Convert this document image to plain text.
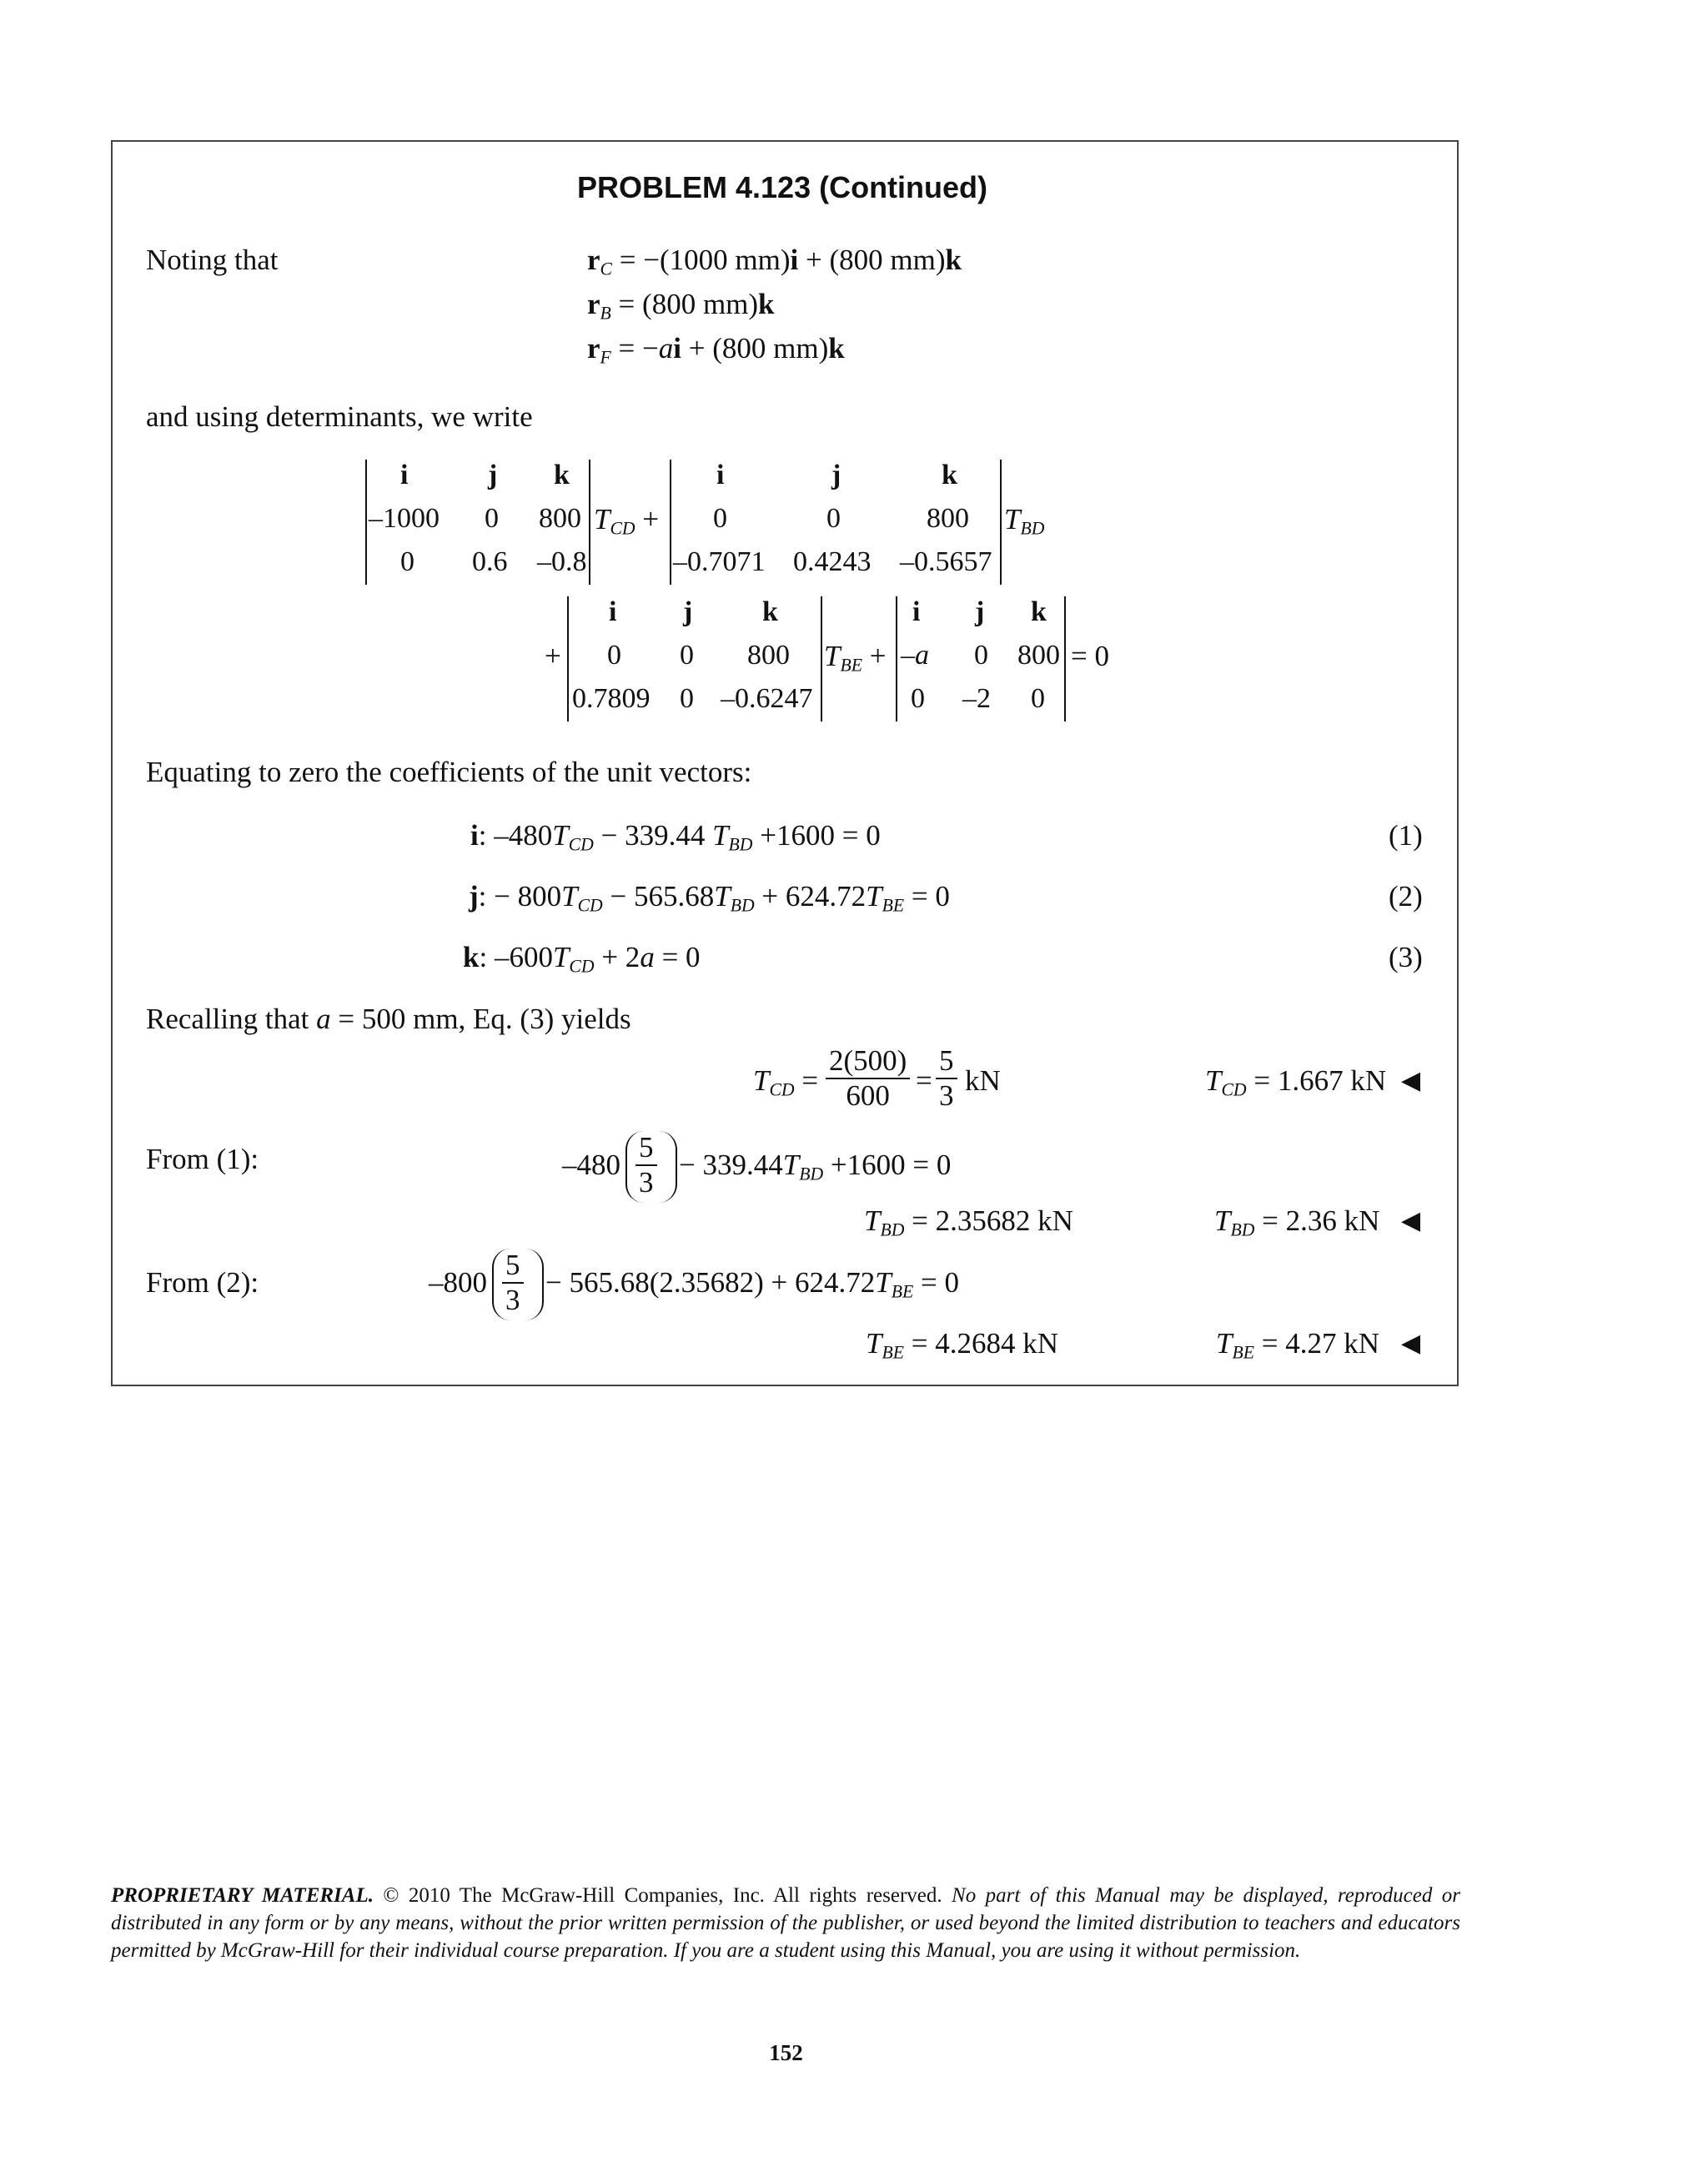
PROBLEM 4.123 (Continued)
Noting that	$r_C = -(1000$ mm)i + (800 mm)k
$r_B = (800$ mm)k
$r_F = -ai + (800$ mm)k
and using determinants, we write
i	j k
–1000 0 800
0 0.6 –0.8
$T_{CD}$ +
i	j	k
0	0	800
–0.7071 0.4243 –0.5657
$T_{BD}$
+
i j k
0 0 800
0.7809 0 –0.6247
$T_{BE}$ +
i j k
–a 0 800
0 –2 0
= 0
Equating to zero the coefficients of the unit vectors:
i: $-480T_{CD} - 339.44$ $T_{BD} +1600 = 0$	(1)
j: − $800T_{CD} - 565.68T_{BD} + 624.72T_{BE} = 0$	(2)
k: $-600T_{CD} + 2a = 0$	(3)
Recalling that a = 500 mm, Eq. (3) yields
$T_{CD} = \frac{2(500)}{600} = \frac{5}{3}$ kN	$T_{CD} = 1.667$ kN ◀
From (1):	$-480 \frac{5}{3} - 339.44T_{BD} +1600 = 0$
$T_{BD} = 2.35682$ kN	$T_{BD} = 2.36$ kN ◀
From (2):	$-800 \frac{5}{3} - 565.68(2.35682) + 624.72T_{BE} = 0$
$T_{BE} = 4.2684$ kN	$T_{BE} = 4.27$ kN ◀
PROPRIETARY MATERIAL. © 2010 The McGraw-Hill Companies, Inc. All rights reserved. No part of this Manual may be displayed, reproduced or distributed in any form or by any means, without the prior written permission of the publisher, or used beyond the limited distribution to teachers and educators permitted by McGraw-Hill for their individual course preparation. If you are a student using this Manual, you are using it without permission.
152
